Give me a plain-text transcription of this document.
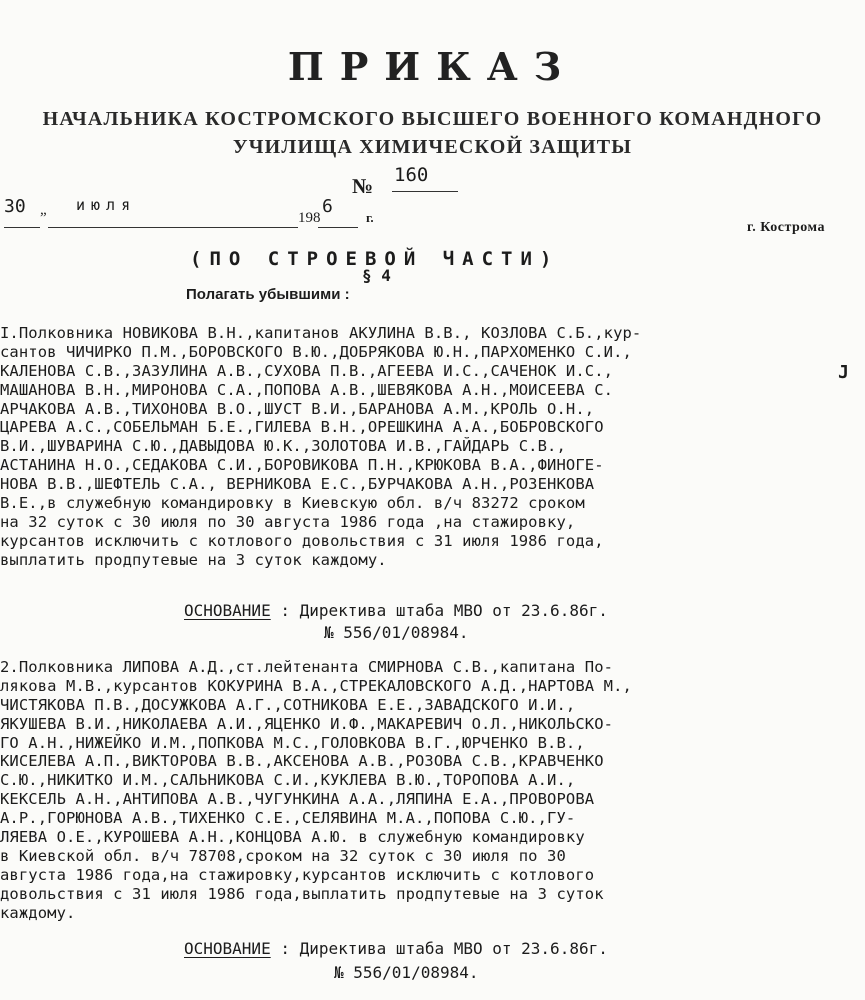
ПРИКАЗ
НАЧАЛЬНИКА КОСТРОМСКОГО ВЫСШЕГО ВОЕННОГО КОМАНДНОГО
УЧИЛИЩА ХИМИЧЕСКОЙ ЗАЩИТЫ
№ 160
30 „	июля
198
6
г.
г. Кострома
(ПО СТРОЕВОЙ ЧАСТИ)
§ 4
Полагать убывшими :
J
I.Полковника НОВИКОВА В.Н.,капитанов АКУЛИНА В.В., КОЗЛОВА С.Б.,кур-
сантов ЧИЧИРКО П.М.,БОРОВСКОГО В.Ю.,ДОБРЯКОВА Ю.Н.,ПАРХОМЕНКО С.И.,
КАЛЕНОВА С.В.,ЗАЗУЛИНА А.В.,СУХОВА П.В.,АГЕЕВА И.С.,САЧЕНОК И.С.,
МАШАНОВА В.Н.,МИРОНОВА С.А.,ПОПОВА А.В.,ШЕВЯКОВА А.Н.,МОИСЕЕВА С.
АРЧАКОВА А.В.,ТИХОНОВА В.О.,ШУСТ В.И.,БАРАНОВА А.М.,КРОЛЬ О.Н.,
ЦАРЕВА А.С.,СОБЕЛЬМАН Б.Е.,ГИЛЕВА В.Н.,ОРЕШКИНА А.А.,БОБРОВСКОГО
В.И.,ШУВАРИНА С.Ю.,ДАВЫДОВА Ю.К.,ЗОЛОТОВА И.В.,ГАЙДАРЬ С.В.,
АСТАНИНА Н.О.,СЕДАКОВА С.И.,БОРОВИКОВА П.Н.,КРЮКОВА В.А.,ФИНОГЕ-
НОВА В.В.,ШЕФТЕЛЬ С.А., ВЕРНИКОВА Е.С.,БУРЧАКОВА А.Н.,РОЗЕНКОВА
В.Е.,в служебную командировку в Киевскую обл. в/ч 83272 сроком
на 32 суток с 30 июля по 30 августа 1986 года ,на стажировку,
курсантов исключить с котлового довольствия с 31 июля 1986 года,
выплатить продпутевые на 3 суток каждому.
ОСНОВАНИЕ : Директива штаба МВО от 23.6.86г.
№ 556/01/08984.
2.Полковника ЛИПОВА А.Д.,ст.лейтенанта СМИРНОВА С.В.,капитана По-
лякова М.В.,курсантов КОКУРИНА В.А.,СТРЕКАЛОВСКОГО А.Д.,НАРТОВА М.,
ЧИСТЯКОВА П.В.,ДОСУЖКОВА А.Г.,СОТНИКОВА Е.Е.,ЗАВАДСКОГО И.И.,
ЯКУШЕВА В.И.,НИКОЛАЕВА А.И.,ЯЦЕНКО И.Ф.,МАКАРЕВИЧ О.Л.,НИКОЛЬСКО-
ГО А.Н.,НИЖЕЙКО И.М.,ПОПКОВА М.С.,ГОЛОВКОВА В.Г.,ЮРЧЕНКО В.В.,
КИСЕЛЕВА А.П.,ВИКТОРОВА В.В.,АКСЕНОВА А.В.,РОЗОВА С.В.,КРАВЧЕНКО
С.Ю.,НИКИТКО И.М.,САЛЬНИКОВА С.И.,КУКЛЕВА В.Ю.,ТОРОПОВА А.И.,
КЕКСЕЛЬ А.Н.,АНТИПОВА А.В.,ЧУГУНКИНА А.А.,ЛЯПИНА Е.А.,ПРОВОРОВА
А.Р.,ГОРЮНОВА А.В.,ТИХЕНКО С.Е.,СЕЛЯВИНА М.А.,ПОПОВА С.Ю.,ГУ-
ЛЯЕВА О.Е.,КУРОШЕВА А.Н.,КОНЦОВА А.Ю. в служебную командировку
в Киевской обл. в/ч 78708,сроком на 32 суток с 30 июля по 30
августа 1986 года,на стажировку,курсантов исключить с котлового
довольствия с 31 июля 1986 года,выплатить продпутевые на 3 суток
каждому.
ОСНОВАНИЕ : Директива штаба МВО от 23.6.86г.
№ 556/01/08984.
